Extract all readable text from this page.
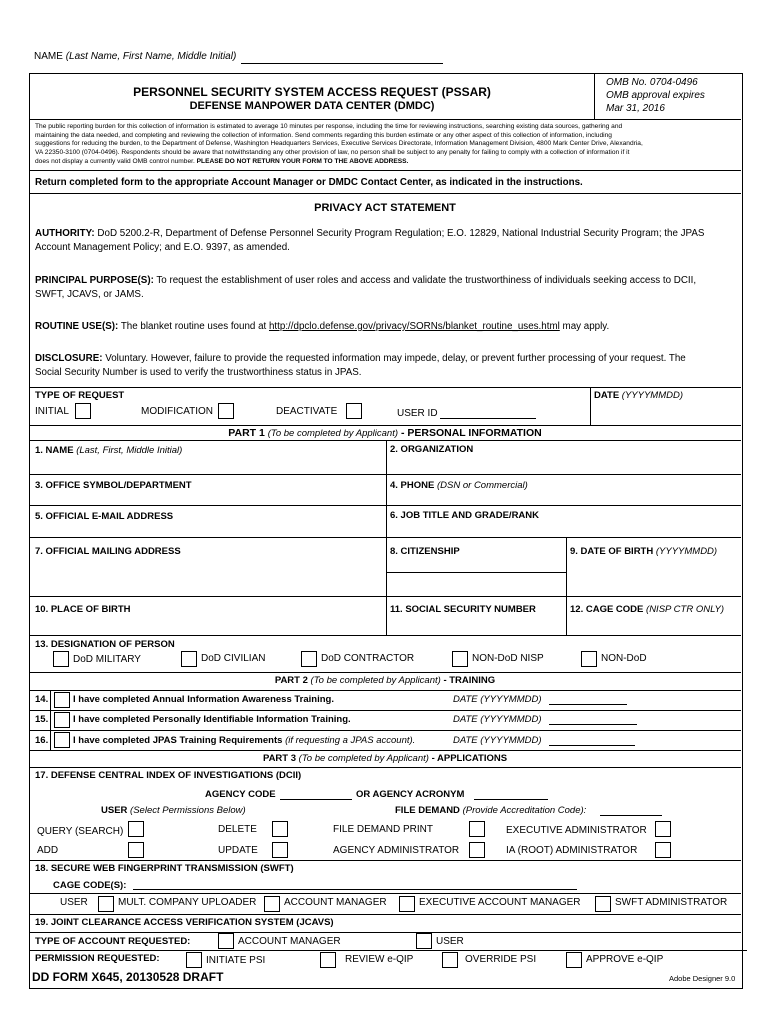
NAME (Last Name, First Name, Middle Initial)
PERSONNEL SECURITY SYSTEM ACCESS REQUEST (PSSAR)
DEFENSE MANPOWER DATA CENTER (DMDC)
OMB No. 0704-0496
OMB approval expires
Mar 31, 2016
The public reporting burden for this collection of information is estimated to average 10 minutes per response, including the time for reviewing instructions, searching existing data sources, gathering and
maintaining the data needed, and completing and reviewing the collection of information. Send comments regarding this burden estimate or any other aspect of this collection of information, including
suggestions for reducing the burden, to the Department of Defense, Washington Headquarters Services, Executive Services Directorate, Information Management Division, 4800 Mark Center Drive, Alexandria,
VA 22350-3100 (0704-0496). Respondents should be aware that notwithstanding any other provision of law, no person shall be subject to any penalty for failing to comply with a collection of information if it
does not display a currently valid OMB control number. PLEASE DO NOT RETURN YOUR FORM TO THE ABOVE ADDRESS.
Return completed form to the appropriate Account Manager or DMDC Contact Center, as indicated in the instructions.
PRIVACY ACT STATEMENT
AUTHORITY: DoD 5200.2-R, Department of Defense Personnel Security Program Regulation; E.O. 12829, National Industrial Security Program; the JPAS
Account Management Policy; and E.O. 9397, as amended.
PRINCIPAL PURPOSE(S): To request the establishment of user roles and access and validate the trustworthiness of individuals seeking access to DCII,
SWFT, JCAVS, or JAMS.
ROUTINE USE(S): The blanket routine uses found at http://dpclo.defense.gov/privacy/SORNs/blanket_routine_uses.html may apply.
DISCLOSURE: Voluntary. However, failure to provide the requested information may impede, delay, or prevent further processing of your request. The
Social Security Number is used to verify the trustworthiness status in JPAS.
TYPE OF REQUEST	DATE (YYYYMMDD)
INITIAL	MODIFICATION	DEACTIVATE	USER ID
PART 1 (To be completed by Applicant) - PERSONAL INFORMATION
1. NAME (Last, First, Middle Initial)	2. ORGANIZATION
3. OFFICE SYMBOL/DEPARTMENT	4. PHONE (DSN or Commercial)
5. OFFICIAL E-MAIL ADDRESS	6. JOB TITLE AND GRADE/RANK
7. OFFICIAL MAILING ADDRESS	8. CITIZENSHIP	9. DATE OF BIRTH (YYYYMMDD)
10. PLACE OF BIRTH	11. SOCIAL SECURITY NUMBER	12. CAGE CODE (NISP CTR ONLY)
13. DESIGNATION OF PERSON
DoD MILITARY	DoD CIVILIAN	DoD CONTRACTOR	NON-DoD NISP	NON-DoD
PART 2 (To be completed by Applicant) - TRAINING
14.	I have completed Annual Information Awareness Training.	DATE (YYYYMMDD)
15.	I have completed Personally Identifiable Information Training.	DATE (YYYYMMDD)
16.	I have completed JPAS Training Requirements (if requesting a JPAS account).	DATE (YYYYMMDD)
PART 3 (To be completed by Applicant) - APPLICATIONS
17. DEFENSE CENTRAL INDEX OF INVESTIGATIONS (DCII)
AGENCY CODE	OR AGENCY ACRONYM
USER (Select Permissions Below)	FILE DEMAND (Provide Accreditation Code):
QUERY (SEARCH)	DELETE	FILE DEMAND PRINT	EXECUTIVE ADMINISTRATOR
ADD	UPDATE	AGENCY ADMINISTRATOR	IA (ROOT) ADMINISTRATOR
18. SECURE WEB FINGERPRINT TRANSMISSION (SWFT)
CAGE CODE(S):
USER	MULT. COMPANY UPLOADER	ACCOUNT MANAGER	EXECUTIVE ACCOUNT MANAGER	SWFT ADMINISTRATOR
19. JOINT CLEARANCE ACCESS VERIFICATION SYSTEM (JCAVS)
TYPE OF ACCOUNT REQUESTED:	ACCOUNT MANAGER	USER
PERMISSION REQUESTED:	INITIATE PSI	REVIEW e-QIP	OVERRIDE PSI	APPROVE e-QIP
DD FORM X645, 20130528 DRAFT	Adobe Designer 9.0
